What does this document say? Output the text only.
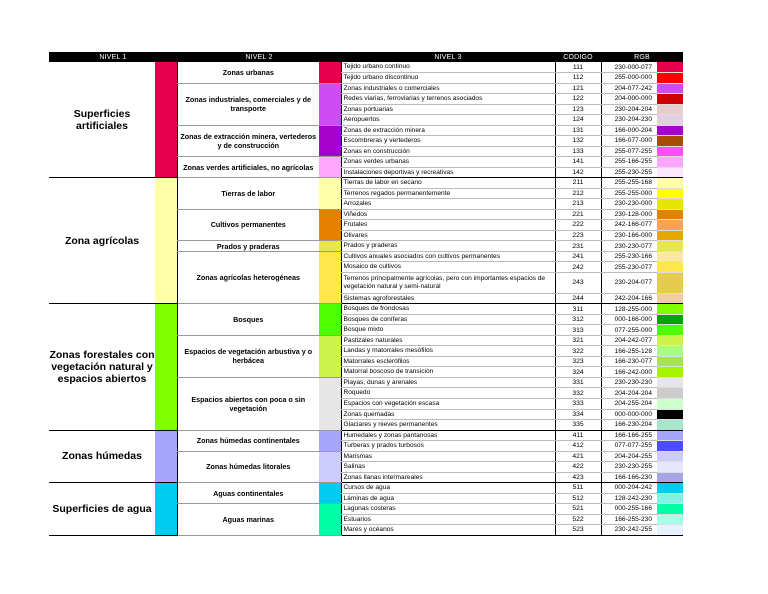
NIVEL 1		NIVEL 2		NIVEL 3	CODIGO	RGB	
Superficies artificiales		Zonas urbanas		Tejido urbano continuo	111	230-000-077	
				Tejido urbano discontinuo	112	255-000-000	
		Zonas industriales, comerciales y de transporte		Zonas industriales o comerciales	121	204-077-242	
				Redes viarias, ferroviarias y terrenos asociados	122	204-000-000	
				Zonas portuarias	123	230-204-204	
				Aeropuertos	124	230-204-230	
		Zonas de extracción minera, vertederos y de construcción		Zonas de extracción minera	131	166-000-204	
				Escombreras y vertederos	132	166-077-000	
				Zonas en construcción	133	255-077-255	
		Zonas verdes artificiales, no agrícolas		Zonas verdes urbanas	141	255-166-255	
				Instalaciones deportivas y recreativas	142	255-230-255	
Zona agrícolas		Tierras de labor		Tierras de labor en secano	211	255-255-168	
				Terrenos regados permanentemente	212	255-255-000	
				Arrozales	213	230-230-000	
		Cultivos permanentes		Viñedos	221	230-128-000	
				Frutales	222	242-166-077	
				Olivares	223	230-166-000	
		Prados y praderas		Prados y praderas	231	230-230-077	
		Zonas agrícolas heterogéneas		Cultivos anuales asociados con cultivos permanentes	241	255-230-166	
				Mosaico de cultivos	242	255-230-077	
				Terrenos principalmente agrícolas, pero con importantes espacios de vegetación natural y semi-natural	243	230-204-077	
				Sistemas agroforestales	244	242-204-166	
Zonas forestales con vegetación natural y espacios abiertos		Bosques		Bosques de frondosas	311	128-255-000	
				Bosques de coníferas	312	000-166-000	
				Bosque mixto	313	077-255-000	
		Espacios de vegetación arbustiva y o herbácea		Pastizales naturales	321	204-242-077	
				Landas y matorrales mesófilos	322	166-255-128	
				Matorrales esclerófilos	323	166-230-077	
				Matorral boscoso de transición	324	166-242-000	
		Espacios abiertos con poca o sin vegetación		Playas, dunas y arenales	331	230-230-230	
				Roquedo	332	204-204-204	
				Espacios con vegetación escasa	333	204-255-204	
				Zonas quemadas	334	000-000-000	
				Glaciares y nieves permanentes	335	166-230-204	
Zonas húmedas		Zonas húmedas continentales		Humedales y zonas pantanosas	411	166-166-255	
				Turberas y prados turbosos	412	077-077-255	
		Zonas húmedas litorales		Marismas	421	204-204-255	
				Salinas	422	230-230-255	
				Zonas llanas intermareales	423	166-166-230	
Superficies de agua		Aguas continentales		Cursos de agua	511	000-204-242	
				Láminas de agua	512	128-242-230	
		Aguas marinas		Lagunas costeras	521	000-255-166	
				Estuarios	522	166-255-230	
				Mares y océanos	523	230-242-255	
